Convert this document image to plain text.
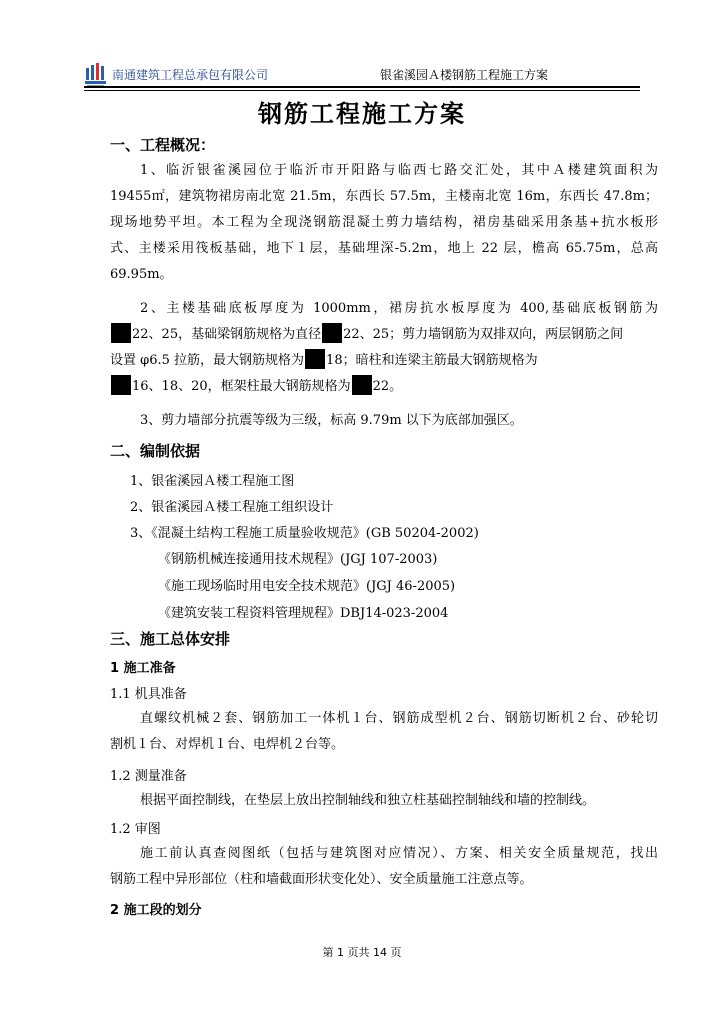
南通建筑工程总承包有限公司	银雀溪园Ａ楼钢筋工程施工方案
钢筋工程施工方案
一、工程概况：
1、临沂银雀溪园位于临沂市开阳路与临西七路交汇处，其中Ａ楼建筑面积为
19455㎡，建筑物裙房南北宽 21.5m，东西长 57.5m，主楼南北宽 16m，东西长 47.8m；
现场地势平坦。本工程为全现浇钢筋混凝土剪力墙结构，裙房基础采用条基+抗水板形
式、主楼采用筏板基础，地下１层，基础埋深-5.2m，地上 22 层，檐高 65.75m，总高
69.95m。
2、主楼基础底板厚度为 1000mm，裙房抗水板厚度为 400,基础底板钢筋为
22、25，基础梁钢筋规格为直径 22、25；剪力墙钢筋为双排双向，两层钢筋之间
设置 φ6.5 拉筋，最大钢筋规格为 18；暗柱和连梁主筋最大钢筋规格为
16、18、20，框架柱最大钢筋规格为 22。
3、剪力墙部分抗震等级为三级，标高 9.79m 以下为底部加强区。
二、编制依据
1、银雀溪园Ａ楼工程施工图
2、银雀溪园Ａ楼工程施工组织设计
3、《混凝土结构工程施工质量验收规范》(GB 50204-2002)
《钢筋机械连接通用技术规程》(JGJ 107-2003)
《施工现场临时用电安全技术规范》(JGJ 46-2005)
《建筑安装工程资料管理规程》DBJ14-023-2004
三、施工总体安排
1 施工准备
1.1 机具准备
直螺纹机械２套、钢筋加工一体机１台、钢筋成型机２台、钢筋切断机２台、砂轮切
割机１台、对焊机１台、电焊机２台等。
1.2 测量准备
根据平面控制线，在垫层上放出控制轴线和独立柱基础控制轴线和墙的控制线。
1.2 审图
施工前认真查阅图纸（包括与建筑图对应情况）、方案、相关安全质量规范，找出
钢筋工程中异形部位（柱和墙截面形状变化处）、安全质量施工注意点等。
2 施工段的划分
第 1 页共 14 页
